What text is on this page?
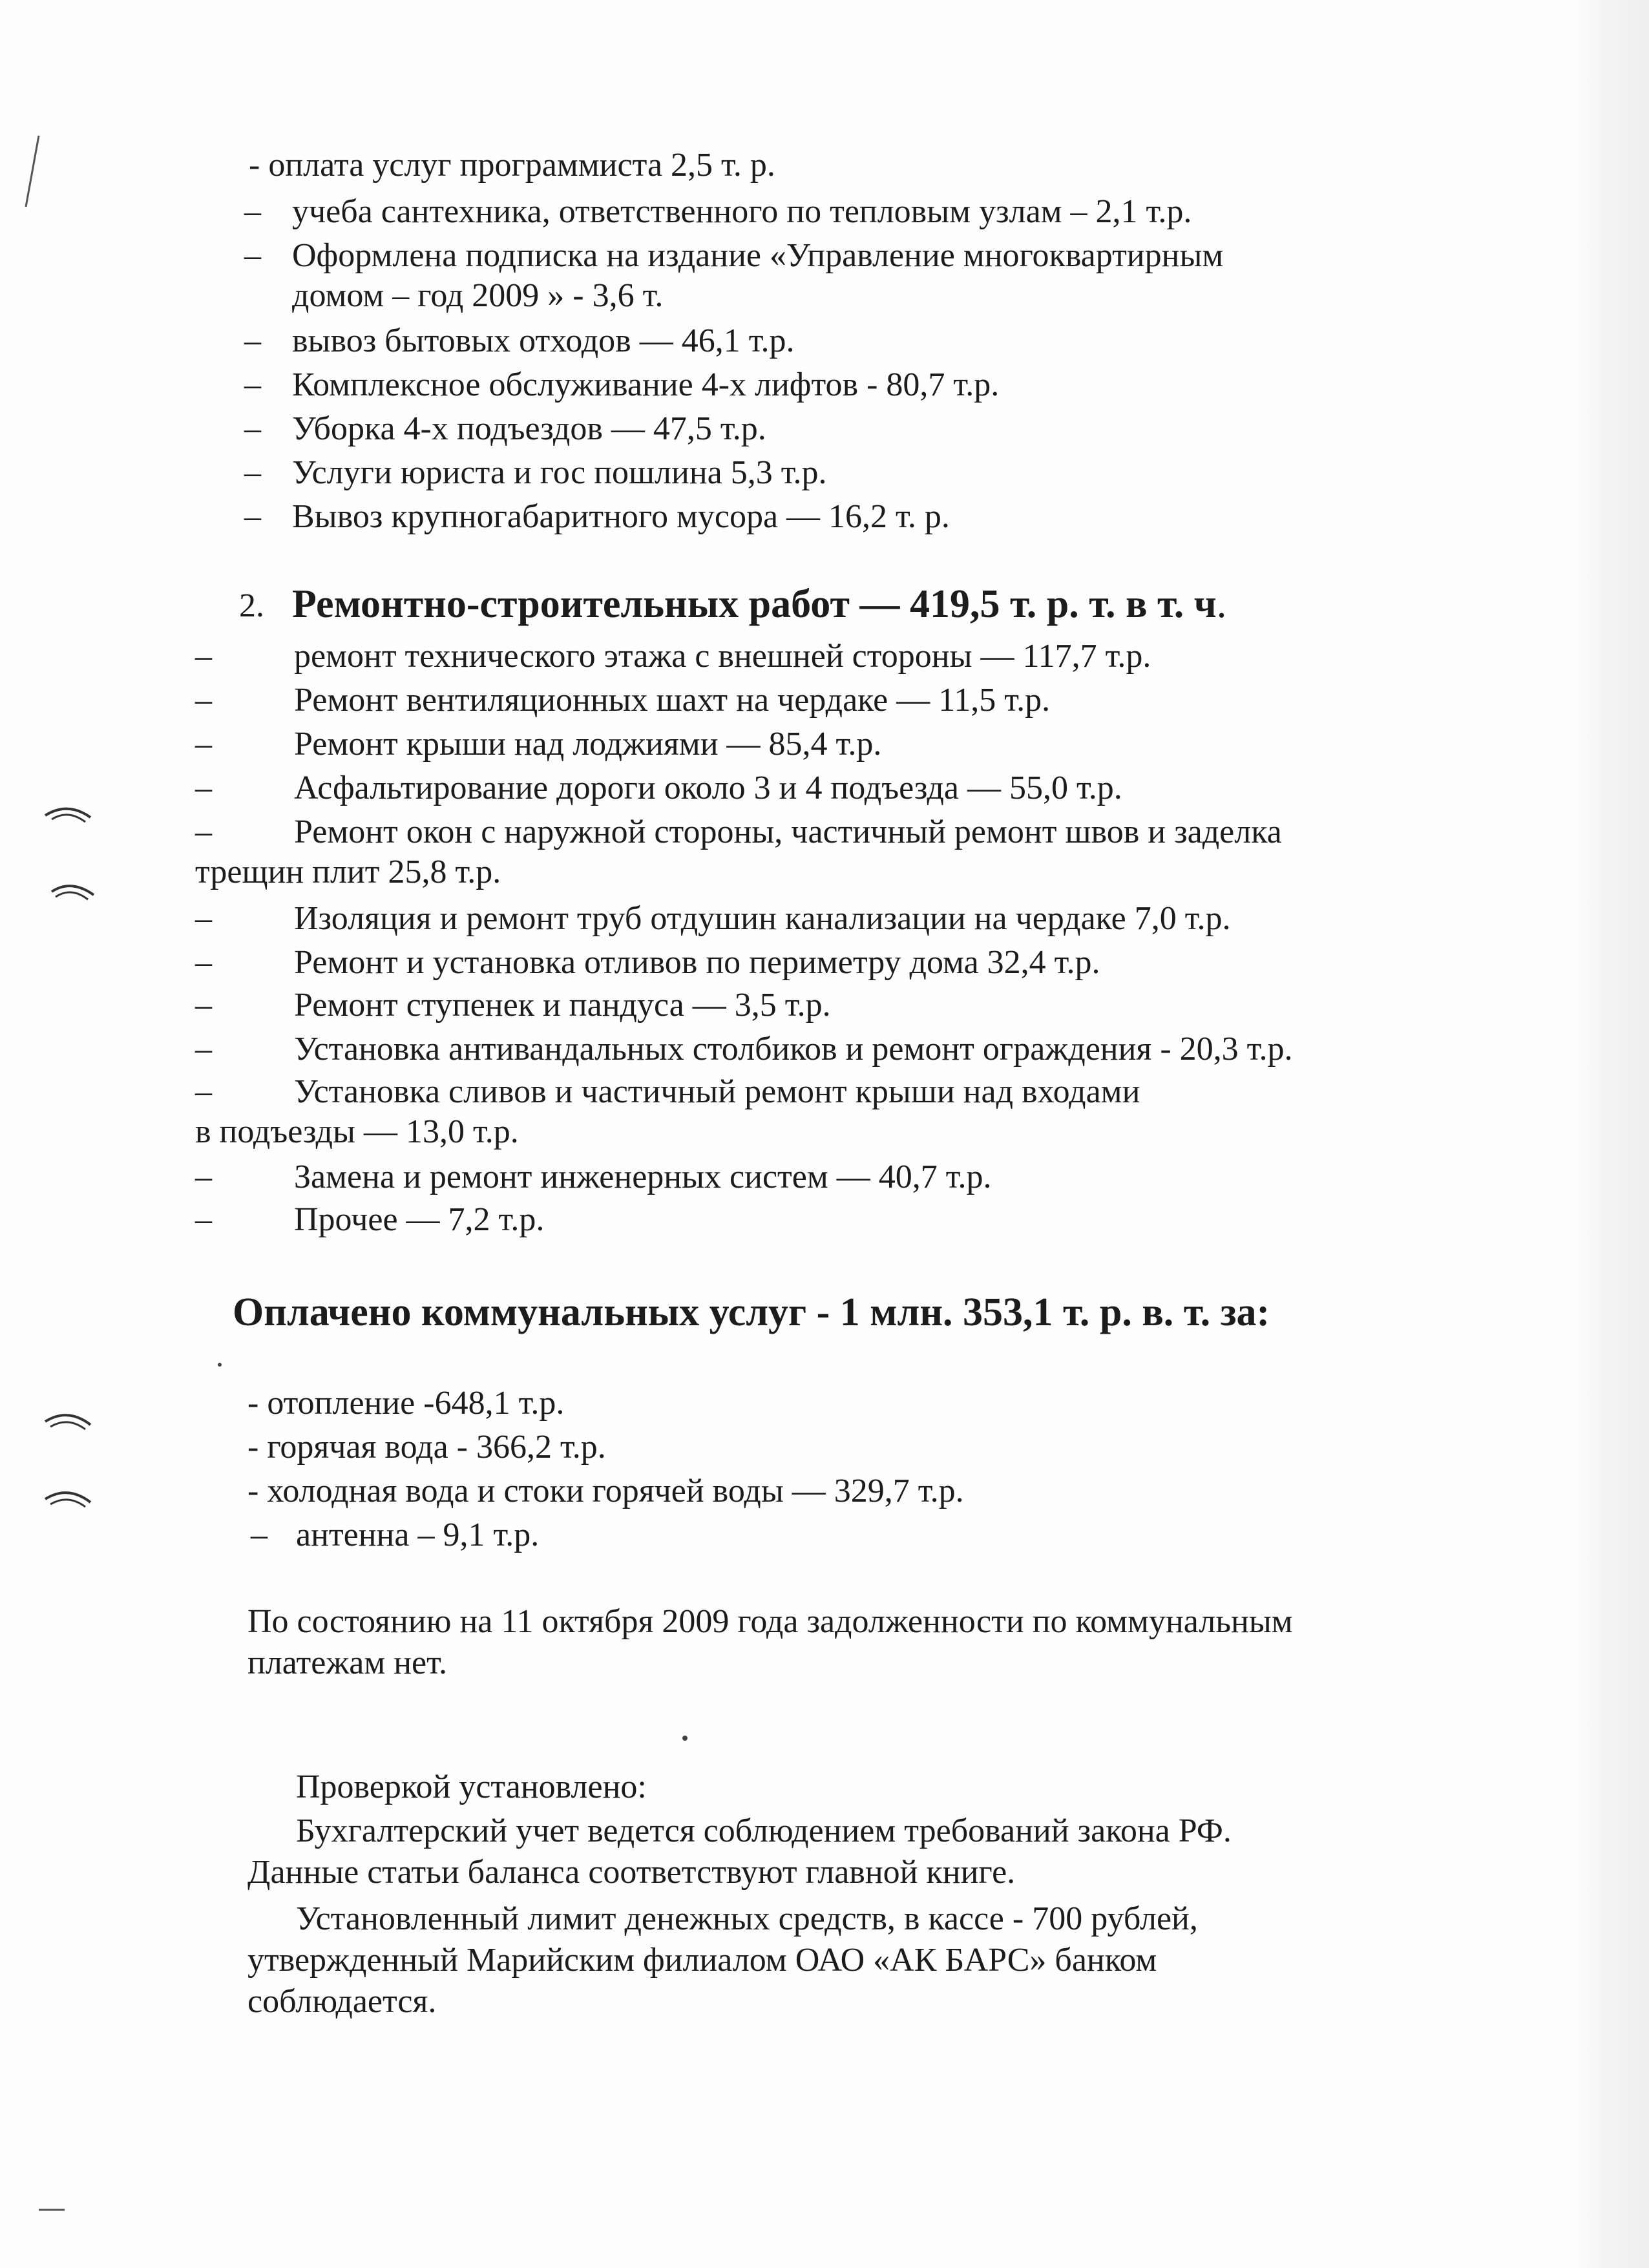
- оплата услуг программиста 2,5 т. р.
– учеба сантехника, ответственного по тепловым узлам – 2,1 т.р.
– Оформлена подписка на издание «Управление многоквартирным
домом – год 2009 » - 3,6 т.
– вывоз бытовых отходов — 46,1 т.р.
– Комплексное обслуживание 4-х лифтов - 80,7 т.р.
– Уборка 4-х подъездов — 47,5 т.р.
– Услуги юриста и гос пошлина 5,3 т.р.
– Вывоз крупногабаритного мусора — 16,2 т. р.
2. Ремонтно-строительных работ — 419,5 т. р. т. в т. ч.
– ремонт технического этажа с внешней стороны — 117,7 т.р.
– Ремонт вентиляционных шахт на чердаке — 11,5 т.р.
– Ремонт крыши над лоджиями — 85,4 т.р.
– Асфальтирование дороги около 3 и 4 подъезда — 55,0 т.р.
– Ремонт окон с наружной стороны, частичный ремонт швов и заделка
трещин плит 25,8 т.р.
– Изоляция и ремонт труб отдушин канализации на чердаке 7,0 т.р.
– Ремонт и установка отливов по периметру дома 32,4 т.р.
– Ремонт ступенек и пандуса — 3,5 т.р.
– Установка антивандальных столбиков и ремонт ограждения - 20,3 т.р.
– Установка сливов и частичный ремонт крыши над входами
в подъезды — 13,0 т.р.
– Замена и ремонт инженерных систем — 40,7 т.р.
– Прочее — 7,2 т.р.
Оплачено коммунальных услуг - 1 млн. 353,1 т. р. в. т. за:
- отопление -648,1 т.р.
- горячая вода - 366,2 т.р.
- холодная вода и стоки горячей воды — 329,7 т.р.
– антенна – 9,1 т.р.
По состоянию на 11 октября 2009 года задолженности по коммунальным
платежам нет.
Проверкой установлено:
Бухгалтерский учет ведется соблюдением требований закона РФ.
Данные статьи баланса соответствуют главной книге.
Установленный лимит денежных средств, в кассе - 700 рублей,
утвержденный Марийским филиалом ОАО «АК БАРС» банком
соблюдается.
